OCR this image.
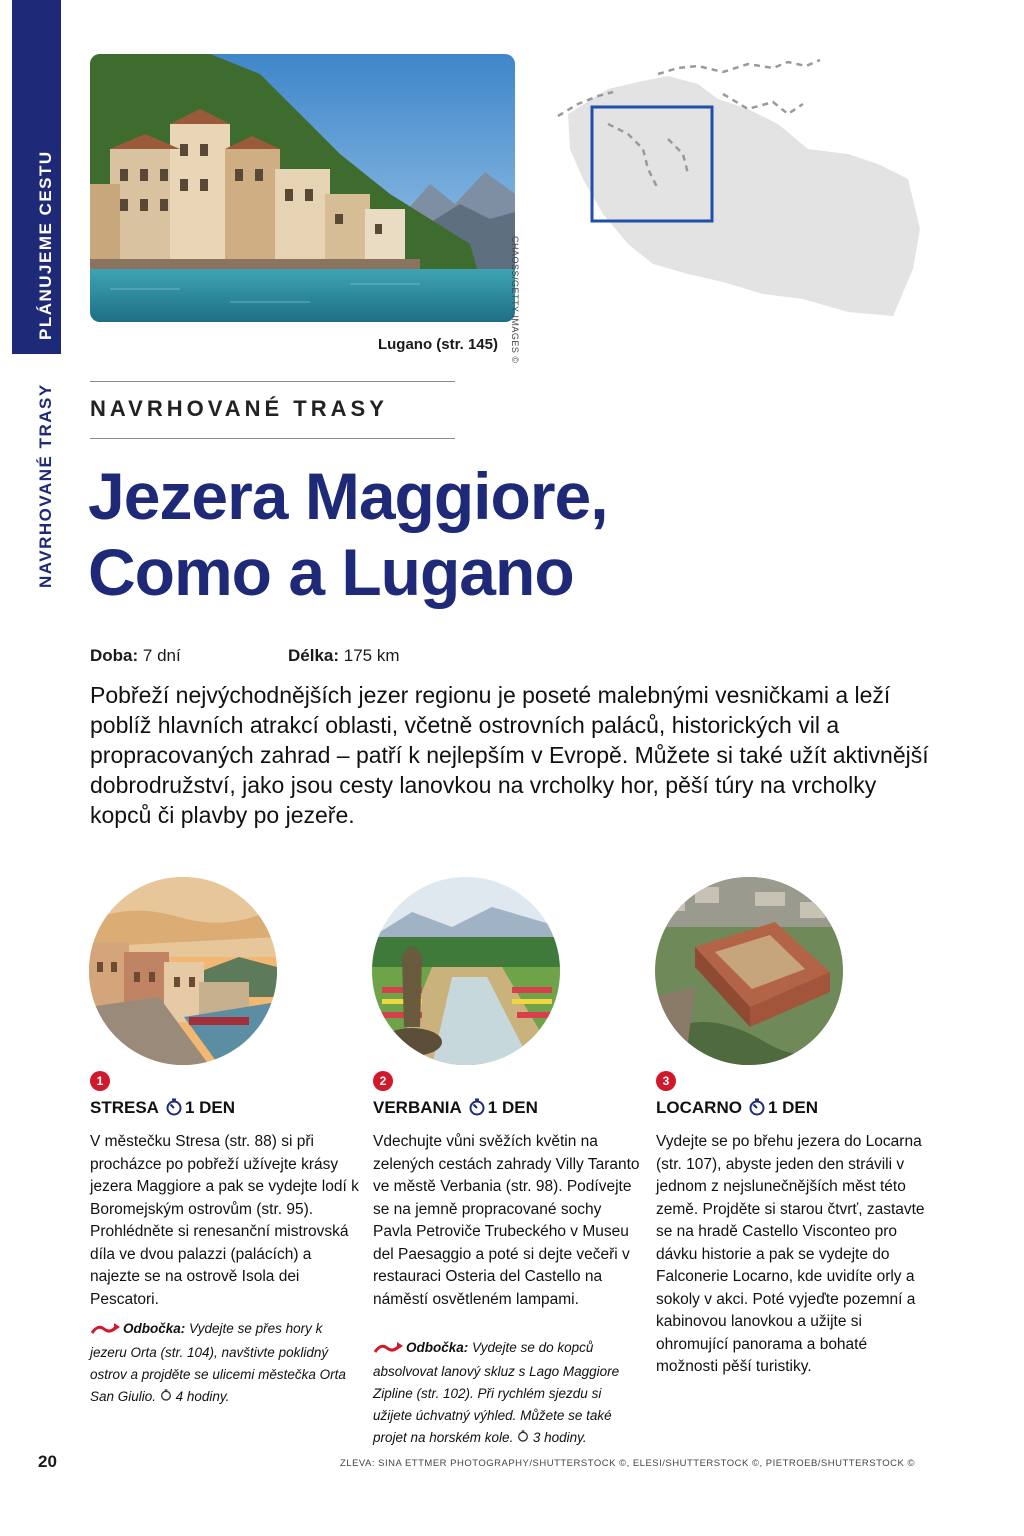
PLÁNUJEME CESTU
NAVRHOVANÉ TRASY
CHAOSS/GETTY IMAGES ©
Lugano (str. 145)
NAVRHOVANÉ TRASY
Jezera Maggiore,
Como a Lugano
Doba: 7 dní	Délka: 175 km

Pobřeží nejvýchodnějších jezer regionu je poseté malebnými vesničkami a leží poblíž hlavních atrakcí oblasti, včetně ostrovních paláců, historických vil a propracovaných zahrad – patří k nejlepším v Evropě. Můžete si také užít aktivnější dobrodružství, jako jsou cesty lanovkou na vrcholky hor, pěší túry na vrcholky kopců či plavby po jezeře.

1
STRESA 1 DEN

V městečku Stresa (str. 88) si při procházce po pobřeží užívejte krásy jezera Maggiore a pak se vydejte lodí k Boromejským ostrovům (str. 95). Prohlédněte si renesanční mistrovská díla ve dvou palazzi (palácích) a najezte se na ostrově Isola dei Pescatori.

Odbočka: Vydejte se přes hory k jezeru Orta (str. 104), navštivte poklidný ostrov a projděte se ulicemi městečka Orta San Giulio. 4 hodiny.

2
VERBANIA 1 DEN

Vdechujte vůni svěžích květin na zelených cestách zahrady Villy Taranto ve městě Verbania (str. 98). Podívejte se na jemně propracované sochy Pavla Petroviče Trubeckého v Museu del Paesaggio a poté si dejte večeři v restauraci Osteria del Castello na náměstí osvětleném lampami.

Odbočka: Vydejte se do kopců absolvovat lanový skluz s Lago Maggiore Zipline (str. 102). Při rychlém sjezdu si užijete úchvatný výhled. Můžete se také projet na horském kole. 3 hodiny.

3
LOCARNO 1 DEN

Vydejte se po břehu jezera do Locarna (str. 107), abyste jeden den strávili v jednom z nejslunečnějších měst této země. Projděte si starou čtvrť, zastavte se na hradě Castello Visconteo pro dávku historie a pak se vydejte do Falconerie Locarno, kde uvidíte orly a sokoly v akci. Poté vyjeďte pozemní a kabinovou lanovkou a užijte si ohromující panorama a bohaté možnosti pěší turistiky.

20	ZLEVA: SINA ETTMER PHOTOGRAPHY/SHUTTERSTOCK ©, ELESI/SHUTTERSTOCK ©, PIETROEB/SHUTTERSTOCK ©
